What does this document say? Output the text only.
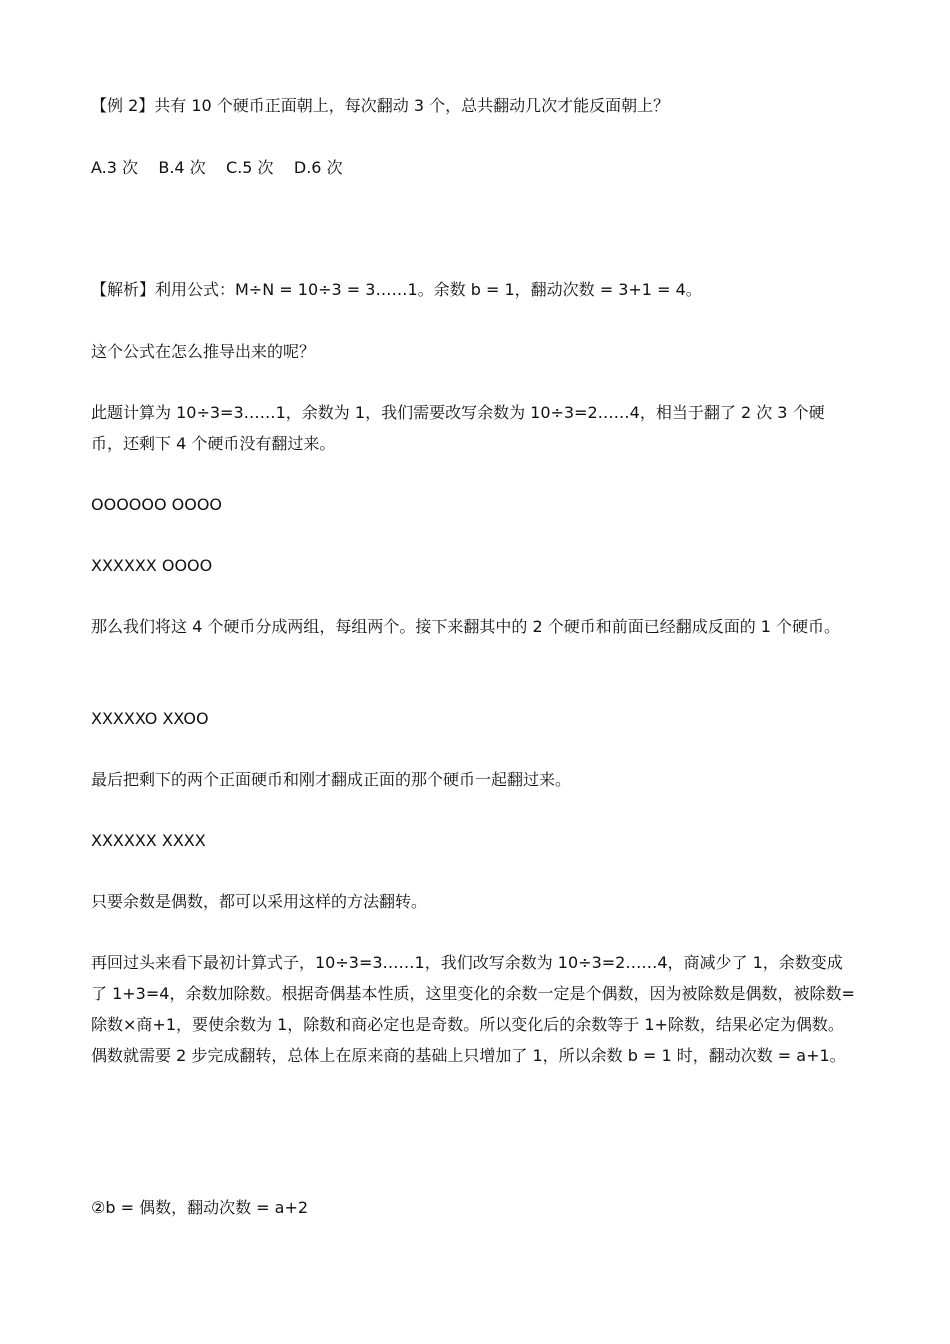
【例 2】共有 10 个硬币正面朝上，每次翻动 3 个，总共翻动几次才能反面朝上？

A.3 次    B.4 次    C.5 次    D.6 次

【解析】利用公式：M÷N = 10÷3 = 3……1。余数 b = 1，翻动次数 = 3+1 = 4。

这个公式在怎么推导出来的呢？

此题计算为 10÷3=3……1，余数为 1，我们需要改写余数为 10÷3=2……4，相当于翻了 2 次 3 个硬币，还剩下 4 个硬币没有翻过来。

OOOOOO OOOO

XXXXXX OOOO

那么我们将这 4 个硬币分成两组，每组两个。接下来翻其中的 2 个硬币和前面已经翻成反面的 1 个硬币。

XXXXXO XXOO

最后把剩下的两个正面硬币和刚才翻成正面的那个硬币一起翻过来。

XXXXXX XXXX

只要余数是偶数，都可以采用这样的方法翻转。

再回过头来看下最初计算式子，10÷3=3……1，我们改写余数为 10÷3=2……4，商减少了 1，余数变成了 1+3=4，余数加除数。根据奇偶基本性质，这里变化的余数一定是个偶数，因为被除数是偶数，被除数=除数×商+1，要使余数为 1，除数和商必定也是奇数。所以变化后的余数等于 1+除数，结果必定为偶数。偶数就需要 2 步完成翻转，总体上在原来商的基础上只增加了 1，所以余数 b = 1 时，翻动次数 = a+1。

②b = 偶数，翻动次数 = a+2
